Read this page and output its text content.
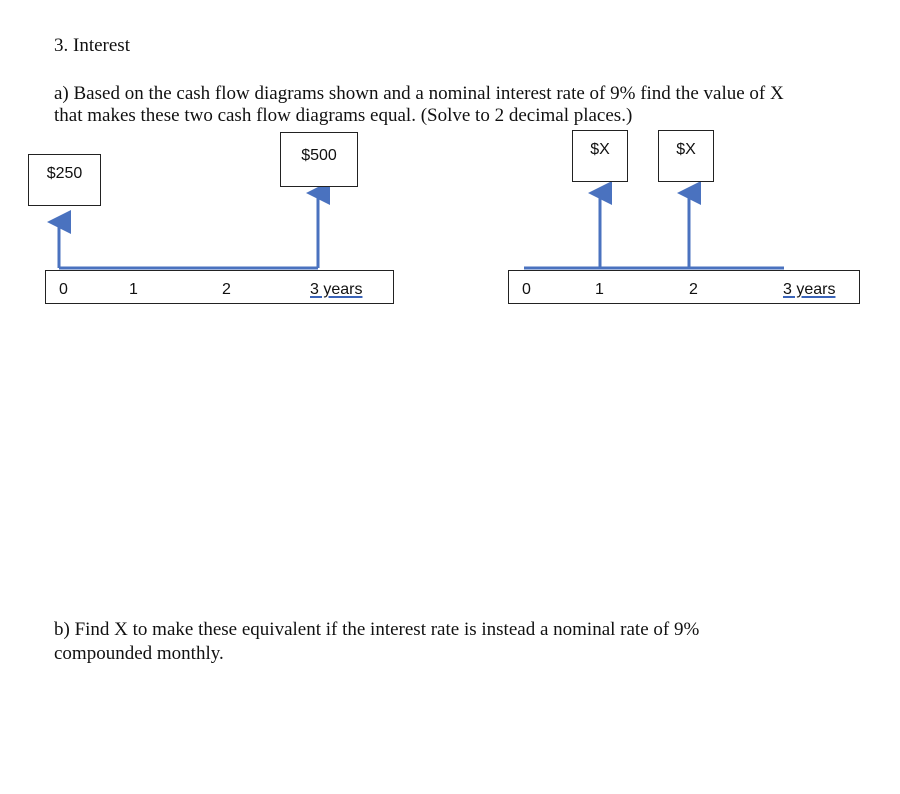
3. Interest
a) Based on the cash flow diagrams shown and a nominal interest rate of 9% find the value of X
that makes these two cash flow diagrams equal. (Solve to 2 decimal places.)
$250
$500	$X	$X
0	1	2	3 years	0	1	2	3 years
b) Find X to make these equivalent if the interest rate is instead a nominal rate of 9%
compounded monthly.
